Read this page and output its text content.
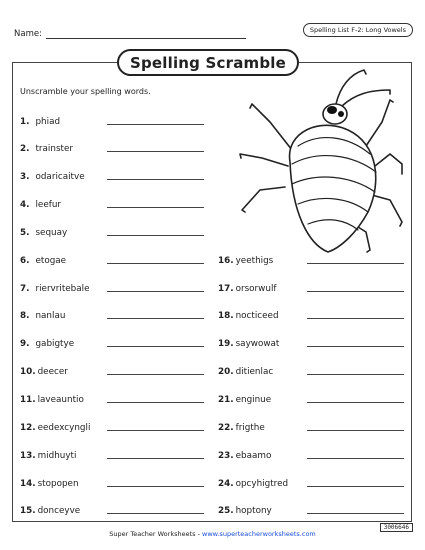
Name:	Spelling List F-2: Long Vowels
Spelling Scramble
Unscramble your spelling words.
1. phiad
2. trainster
3. odaricaitve
4. leefur
5. sequay
6. etogae
7. riervritebale
8. nanlau
9. gabigtye
10. deecer
11. laveauntio
12. eedexcyngli
13. midhuyti
14. stopopen
15. donceyve
16. yeethigs
17. orsorwulf
18. nocticeed
19. saywowat
20. ditienlac
21. enginue
22. frigthe
23. ebaamo
24. opcyhigtred
25. hoptony
Super Teacher Worksheets - www.superteacherworksheets.com
3006646
